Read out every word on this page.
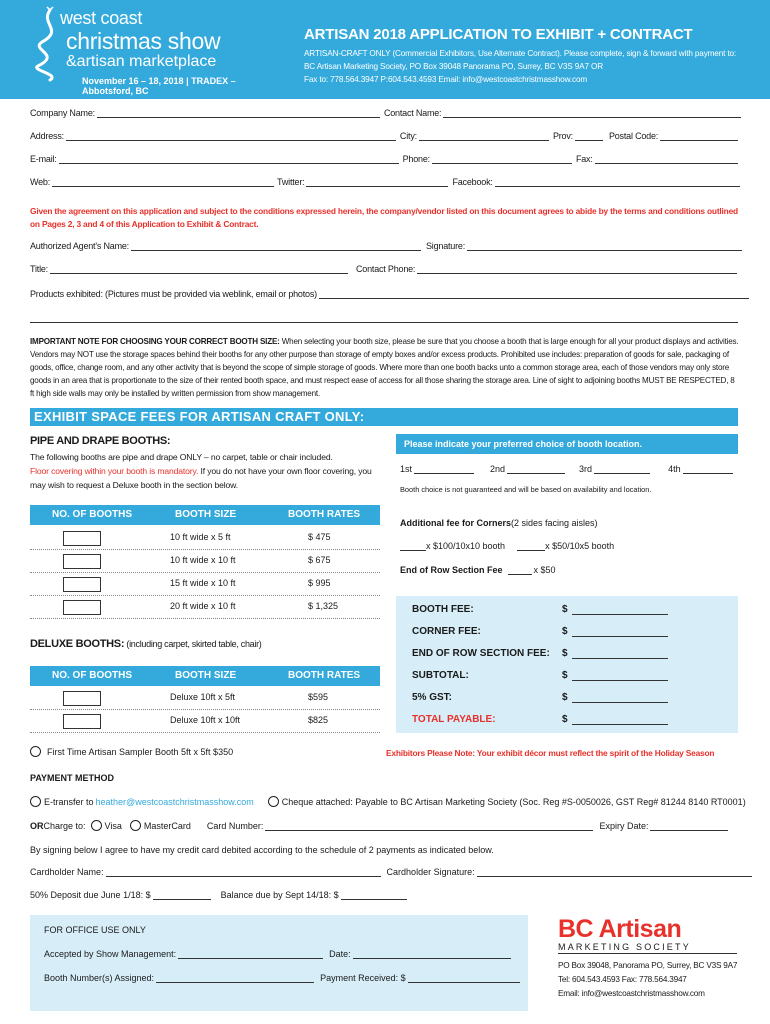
west coast
christmas show
&artisan marketplace
November 16 – 18, 2018 | TRADEX – Abbotsford, BC
ARTISAN 2018 APPLICATION TO EXHIBIT + CONTRACT
ARTISAN-CRAFT ONLY (Commercial Exhibitors, Use Alternate Contract). Please complete, sign & forward with payment to:
BC Artisan Marketing Society, PO Box 39048 Panorama PO, Surrey, BC V3S 9A7 OR
Fax to: 778.564.3947 P:604.543.4593 Email: info@westcoastchristmasshow.com
Company Name:	Contact Name:
Address:	City:	Prov:	Postal Code:
E-mail:	Phone:	Fax:
Web:	Twitter:	Facebook:
Given the agreement on this application and subject to the conditions expressed herein, the company/vendor listed on this document agrees to abide by the terms and conditions outlined on Pages 2, 3 and 4 of this Application to Exhibit & Contract.
Authorized Agent's Name:	Signature:
Title:	Contact Phone:
Products exhibited: (Pictures must be provided via weblink, email or photos)
IMPORTANT NOTE FOR CHOOSING YOUR CORRECT BOOTH SIZE: When selecting your booth size, please be sure that you choose a booth that is large enough for all your product displays and activities. Vendors may NOT use the storage spaces behind their booths for any other purpose than storage of empty boxes and/or excess products. Prohibited use includes: preparation of goods for sale, packaging of goods, office, change room, and any other activity that is beyond the scope of simple storage of goods. Where more than one booth backs unto a common storage area, each of those vendors may only store goods in an area that is proportionate to the size of their rented booth space, and must respect ease of access for all those sharing the storage area. Line of sight to adjoining booths MUST BE RESPECTED, 8 ft high side walls may only be installed by written permission from show management.
EXHIBIT SPACE FEES FOR ARTISAN CRAFT ONLY:
PIPE AND DRAPE BOOTHS:
The following booths are pipe and drape ONLY – no carpet, table or chair included.
Floor covering within your booth is mandatory. If you do not have your own floor covering, you may wish to request a Deluxe booth in the section below.
NO. OF BOOTHS	BOOTH SIZE	BOOTH RATES
10 ft wide x 5 ft	$ 475
10 ft wide x 10 ft	$ 675
15 ft wide x 10 ft	$ 995
20 ft wide x 10 ft	$ 1,325
DELUXE BOOTHS: (including carpet, skirted table, chair)
NO. OF BOOTHS	BOOTH SIZE	BOOTH RATES
Deluxe 10ft x 5ft	$595
Deluxe 10ft x 10ft	$825
First Time Artisan Sampler Booth 5ft x 5ft $350
Please indicate your preferred choice of booth location.
1st	2nd	3rd	4th
Booth choice is not guaranteed and will be based on availability and location.
Additional fee for Corners (2 sides facing aisles)
x $100/10x10 booth	x $50/10x5 booth
End of Row Section Fee	x $50
BOOTH FEE:	$
CORNER FEE:	$
END OF ROW SECTION FEE: $
SUBTOTAL:	$
5% GST:	$
TOTAL PAYABLE:	$
Exhibitors Please Note: Your exhibit décor must reflect the spirit of the Holiday Season
PAYMENT METHOD
E-transfer to heather@westcoastchristmasshow.com	Cheque attached: Payable to BC Artisan Marketing Society (Soc. Reg #S-0050026, GST Reg# 81244 8140 RT0001)
OR Charge to: Visa MasterCard Card Number:	Expiry Date:
By signing below I agree to have my credit card debited according to the schedule of 2 payments as indicated below.
Cardholder Name:	Cardholder Signature:
50% Deposit due June 1/18: $	Balance due by Sept 14/18: $
FOR OFFICE USE ONLY
Accepted by Show Management:	Date:
Booth Number(s) Assigned:	Payment Received: $
BC Artisan
MARKETING SOCIETY
PO Box 39048, Panorama PO, Surrey, BC V3S 9A7
Tel: 604.543.4593 Fax: 778.564.3947
Email: info@westcoastchristmasshow.com
